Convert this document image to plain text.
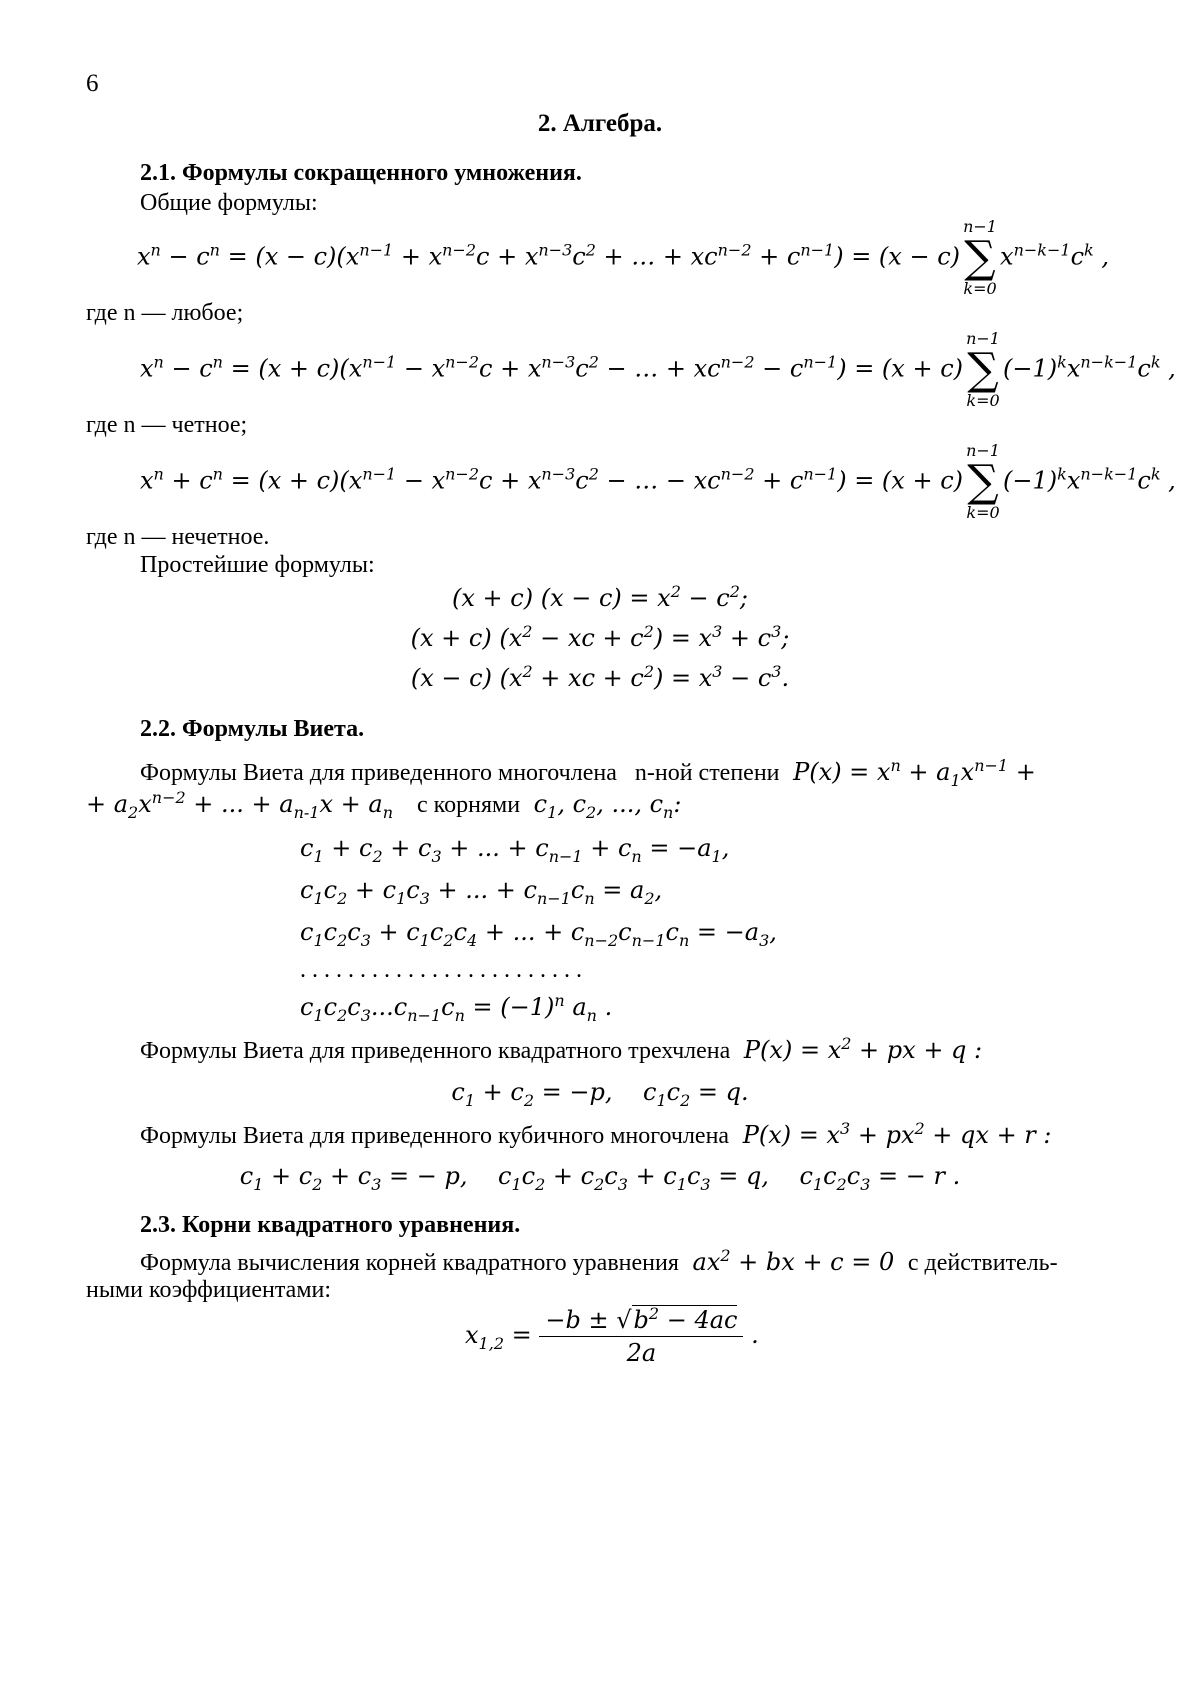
6
2. Алгебра.
2.1. Формулы сокращенного умножения.
Общие формулы:
xn − cn = (x − c)(xn−1 + xn−2c + xn−3c2 + … + xcn−2 + cn−1) = (x − c)
n−1
∑
k=0
xn−k−1ck ,
где n — любое;
xn − cn = (x + c)(xn−1 − xn−2c + xn−3c2 − … + xcn−2 − cn−1) = (x + c)
n−1
∑
k=0
(−1)kxn−k−1ck ,
где n — четное;
xn + cn = (x + c)(xn−1 − xn−2c + xn−3c2 − … − xcn−2 + cn−1) = (x + c)
n−1
∑
k=0
(−1)kxn−k−1ck ,
где n — нечетное.
Простейшие формулы:
(x + c) (x − c) = x2 − c2;
(x + c) (x2 − xc + c2) = x3 + c3;
(x − c) (x2 + xc + c2) = x3 − c3.
2.2. Формулы Виета.
Формулы Виета для приведенного многочлена n-ной степени  P(x) = xn + a1xn−1 +
+ a2xn−2 + ... + an-1x + an с корнями  c1, c2, ..., cn:
c1 + c2 + c3 + ... + cn−1 + cn = −a1,
c1c2 + c1c3 + ... + cn−1cn = a2,
c1c2c3 + c1c2c4 + ... + cn−2cn−1cn = −a3,
. . . . . . . . . . . . . . . . . . . . . . . .
c1c2c3...cn−1cn = (−1)n an .
Формулы Виета для приведенного квадратного трехчлена  P(x) = x2 + px + q :
c1 + c2 = −p,    c1c2 = q.
Формулы Виета для приведенного кубичного многочлена  P(x) = x3 + px2 + qx + r :
c1 + c2 + c3 = − p,    c1c2 + c2c3 + c1c3 = q,    c1c2c3 = − r .
2.3. Корни квадратного уравнения.
Формула вычисления корней квадратного уравнения  ax2 + bx + c = 0  с действитель-
ными коэффициентами:
x1,2 =
−b ± √b2 − 4ac
2a
.
